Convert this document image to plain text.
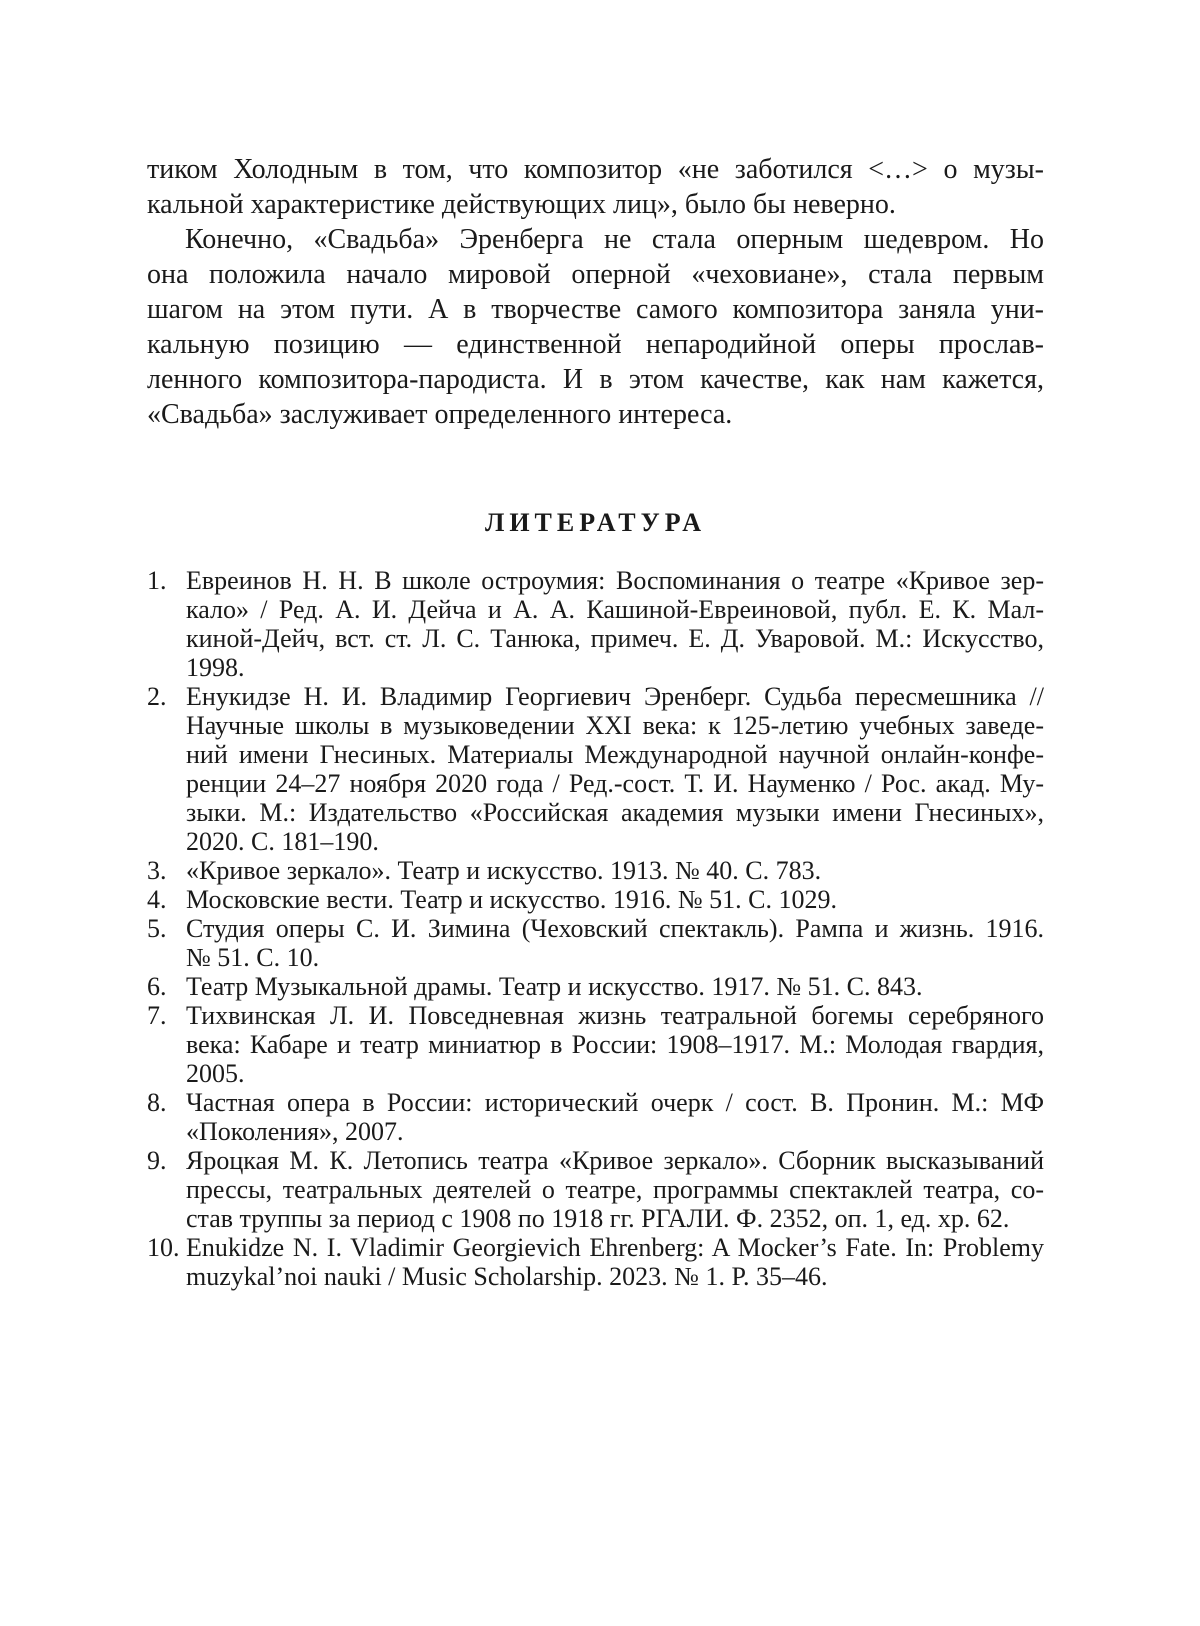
тиком Холодным в том, что композитор «не заботился <…> о музы-
кальной характеристике действующих лиц», было бы неверно.
Конечно, «Свадьба» Эренберга не стала оперным шедевром. Но
она положила начало мировой оперной «чеховиане», стала первым
шагом на этом пути. А в творчестве самого композитора заняла уни-
кальную позицию — единственной непародийной оперы прослав-
ленного композитора-пародиста. И в этом качестве, как нам кажется,
«Свадьба» заслуживает определенного интереса.
ЛИТЕРАТУРА
1. Евреинов Н. Н. В школе остроумия: Воспоминания о театре «Кривое зер-
кало» / Ред. А. И. Дейча и А. А. Кашиной-Евреиновой, публ. Е. К. Мал-
киной-Дейч, вст. ст. Л. С. Танюка, примеч. Е. Д. Уваровой. М.: Искусство,
1998.
2. Енукидзе Н. И. Владимир Георгиевич Эренберг. Судьба пересмешника //
Научные школы в музыковедении XXI века: к 125-летию учебных заведе-
ний имени Гнесиных. Материалы Международной научной онлайн-конфе-
ренции 24–27 ноября 2020 года / Ред.-сост. Т. И. Науменко / Рос. акад. Му-
зыки. М.: Издательство «Российская академия музыки имени Гнесиных»,
2020. С. 181–190.
3. «Кривое зеркало». Театр и искусство. 1913. № 40. С. 783.
4. Московские вести. Театр и искусство. 1916. № 51. С. 1029.
5. Студия оперы С. И. Зимина (Чеховский спектакль). Рампа и жизнь. 1916.
№ 51. С. 10.
6. Театр Музыкальной драмы. Театр и искусство. 1917. № 51. С. 843.
7. Тихвинская Л. И. Повседневная жизнь театральной богемы серебряного
века: Кабаре и театр миниатюр в России: 1908–1917. М.: Молодая гвардия,
2005.
8. Частная опера в России: исторический очерк / сост. В. Пронин. М.: МФ
«Поколения», 2007.
9. Яроцкая М. К. Летопись театра «Кривое зеркало». Сборник высказываний
прессы, театральных деятелей о театре, программы спектаклей театра, со-
став труппы за период с 1908 по 1918 гг. РГАЛИ. Ф. 2352, оп. 1, ед. хр. 62.
10. Enukidze N. I. Vladimir Georgievich Ehrenberg: A Mocker’s Fate. In: Problemy
muzykal’noi nauki / Music Scholarship. 2023. № 1. P. 35–46.
